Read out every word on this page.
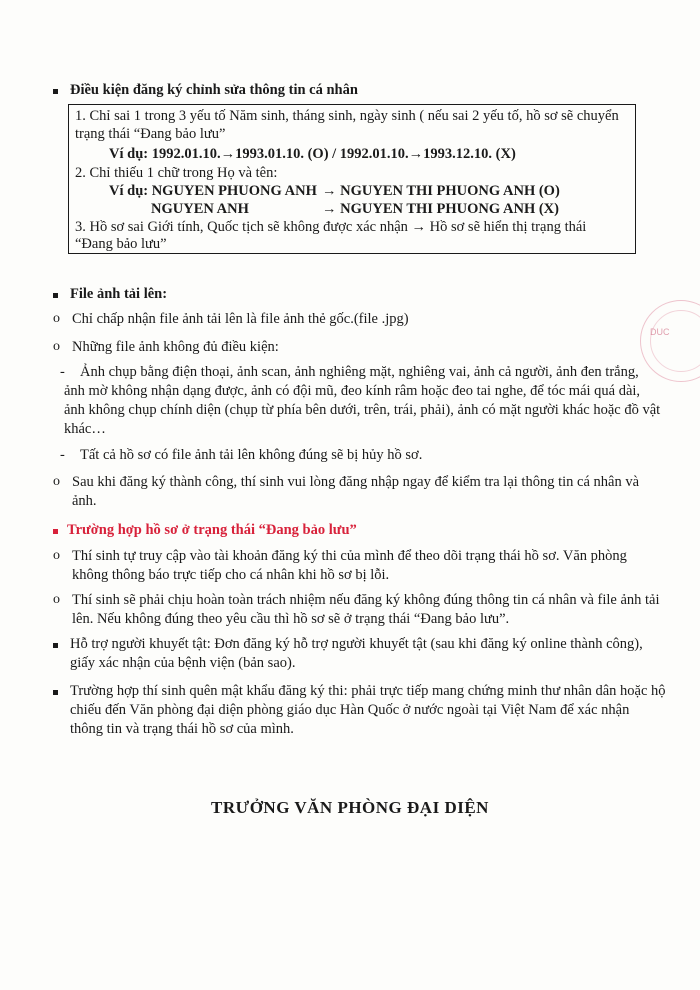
DUC
Điều kiện đăng ký chỉnh sửa thông tin cá nhân
1. Chỉ sai 1 trong 3 yếu tố Năm sinh, tháng sinh, ngày sinh ( nếu sai 2 yếu tố, hồ sơ sẽ chuyển
trạng thái “Đang bảo lưu”
Ví dụ: 1992.01.10.→1993.01.10. (O) / 1992.01.10.→1993.12.10. (X)
2. Chỉ thiếu 1 chữ trong Họ và tên:
Ví dụ: NGUYEN PHUONG ANH → NGUYEN THI PHUONG ANH (O)
NGUYEN ANH	→ NGUYEN THI PHUONG ANH (X)
3. Hồ sơ sai Giới tính, Quốc tịch sẽ không được xác nhận → Hồ sơ sẽ hiển thị trạng thái
“Đang bảo lưu”
File ảnh tải lên:
o Chỉ chấp nhận file ảnh tải lên là file ảnh thẻ gốc.(file .jpg)
o Những file ảnh không đủ điều kiện:
- Ảnh chụp bằng điện thoại, ảnh scan, ảnh nghiêng mặt, nghiêng vai, ảnh cả người, ảnh đen trắng,
ảnh mờ không nhận dạng được, ảnh có đội mũ, đeo kính râm hoặc đeo tai nghe, để tóc mái quá dài,
ảnh không chụp chính diện (chụp từ phía bên dưới, trên, trái, phải), ảnh có mặt người khác hoặc đồ vật
khác…
- Tất cả hồ sơ có file ảnh tải lên không đúng sẽ bị hủy hồ sơ.
o Sau khi đăng ký thành công, thí sinh vui lòng đăng nhập ngay để kiểm tra lại thông tin cá nhân và
ảnh.
Trường hợp hồ sơ ở trạng thái “Đang bảo lưu”
o Thí sinh tự truy cập vào tài khoản đăng ký thi của mình để theo dõi trạng thái hồ sơ. Văn phòng
không thông báo trực tiếp cho cá nhân khi hồ sơ bị lỗi.
o Thí sinh sẽ phải chịu hoàn toàn trách nhiệm nếu đăng ký không đúng thông tin cá nhân và file ảnh tải
lên. Nếu không đúng theo yêu cầu thì hồ sơ sẽ ở trạng thái “Đang bảo lưu”.
Hỗ trợ người khuyết tật: Đơn đăng ký hỗ trợ người khuyết tật (sau khi đăng ký online thành công),
giấy xác nhận của bệnh viện (bản sao).
Trường hợp thí sinh quên mật khẩu đăng ký thi: phải trực tiếp mang chứng minh thư nhân dân hoặc hộ
chiếu đến Văn phòng đại diện phòng giáo dục Hàn Quốc ở nước ngoài tại Việt Nam để xác nhận
thông tin và trạng thái hồ sơ của mình.
TRƯỞNG VĂN PHÒNG ĐẠI DIỆN
